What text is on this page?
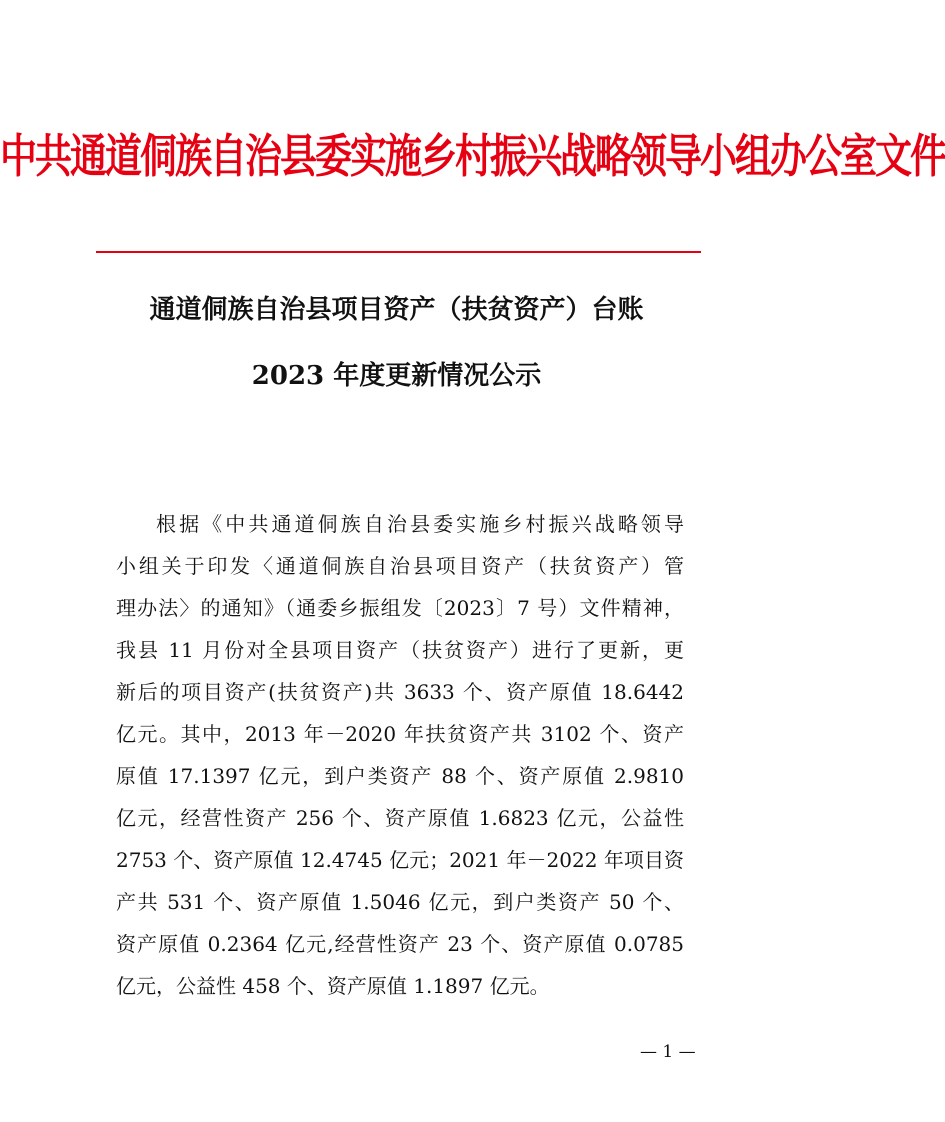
中共通道侗族自治县委实施乡村振兴战略领导小组办公室文件
通道侗族自治县项目资产（扶贫资产）台账
2023 年度更新情况公示
根据《中共通道侗族自治县委实施乡村振兴战略领导
小组关于印发〈通道侗族自治县项目资产（扶贫资产）管
理办法〉的通知》（通委乡振组发〔2023〕7 号）文件精神，
我县 11 月份对全县项目资产（扶贫资产）进行了更新，更
新后的项目资产(扶贫资产)共 3633 个、资产原值 18.6442
亿元。其中，2013 年－2020 年扶贫资产共 3102 个、资产
原值 17.1397 亿元，到户类资产 88 个、资产原值 2.9810
亿元，经营性资产 256 个、资产原值 1.6823 亿元，公益性
2753 个、资产原值 12.4745 亿元；2021 年－2022 年项目资
产共 531 个、资产原值 1.5046 亿元，到户类资产 50 个、
资产原值 0.2364 亿元,经营性资产 23 个、资产原值 0.0785
亿元，公益性 458 个、资产原值 1.1897 亿元。
— 1 —
